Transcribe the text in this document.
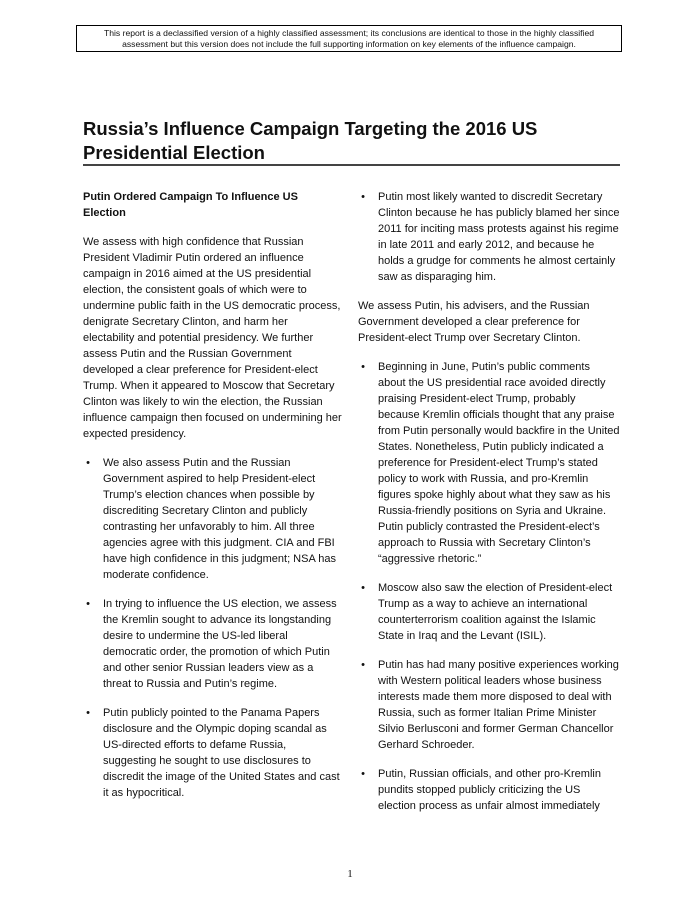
This report is a declassified version of a highly classified assessment; its conclusions are identical to those in the highly classified
assessment but this version does not include the full supporting information on key elements of the influence campaign.
Russia’s Influence Campaign Targeting the 2016 US Presidential Election

Putin Ordered Campaign To Influence US Election

We assess with high confidence that Russian President Vladimir Putin ordered an influence campaign in 2016 aimed at the US presidential election, the consistent goals of which were to undermine public faith in the US democratic process, denigrate Secretary Clinton, and harm her electability and potential presidency. We further assess Putin and the Russian Government developed a clear preference for President-elect Trump. When it appeared to Moscow that Secretary Clinton was likely to win the election, the Russian influence campaign then focused on undermining her expected presidency.

• We also assess Putin and the Russian Government aspired to help President-elect Trump’s election chances when possible by discrediting Secretary Clinton and publicly contrasting her unfavorably to him. All three agencies agree with this judgment. CIA and FBI have high confidence in this judgment; NSA has moderate confidence.
• In trying to influence the US election, we assess the Kremlin sought to advance its longstanding desire to undermine the US-led liberal democratic order, the promotion of which Putin and other senior Russian leaders view as a threat to Russia and Putin’s regime.
• Putin publicly pointed to the Panama Papers disclosure and the Olympic doping scandal as US-directed efforts to defame Russia, suggesting he sought to use disclosures to discredit the image of the United States and cast it as hypocritical.
• Putin most likely wanted to discredit Secretary Clinton because he has publicly blamed her since 2011 for inciting mass protests against his regime in late 2011 and early 2012, and because he holds a grudge for comments he almost certainly saw as disparaging him.

We assess Putin, his advisers, and the Russian Government developed a clear preference for President-elect Trump over Secretary Clinton.

• Beginning in June, Putin’s public comments about the US presidential race avoided directly praising President-elect Trump, probably because Kremlin officials thought that any praise from Putin personally would backfire in the United States. Nonetheless, Putin publicly indicated a preference for President-elect Trump’s stated policy to work with Russia, and pro-Kremlin figures spoke highly about what they saw as his Russia-friendly positions on Syria and Ukraine. Putin publicly contrasted the President-elect’s approach to Russia with Secretary Clinton’s “aggressive rhetoric.”
• Moscow also saw the election of President-elect Trump as a way to achieve an international counterterrorism coalition against the Islamic State in Iraq and the Levant (ISIL).
• Putin has had many positive experiences working with Western political leaders whose business interests made them more disposed to deal with Russia, such as former Italian Prime Minister Silvio Berlusconi and former German Chancellor Gerhard Schroeder.
• Putin, Russian officials, and other pro-Kremlin pundits stopped publicly criticizing the US election process as unfair almost immediately
1
